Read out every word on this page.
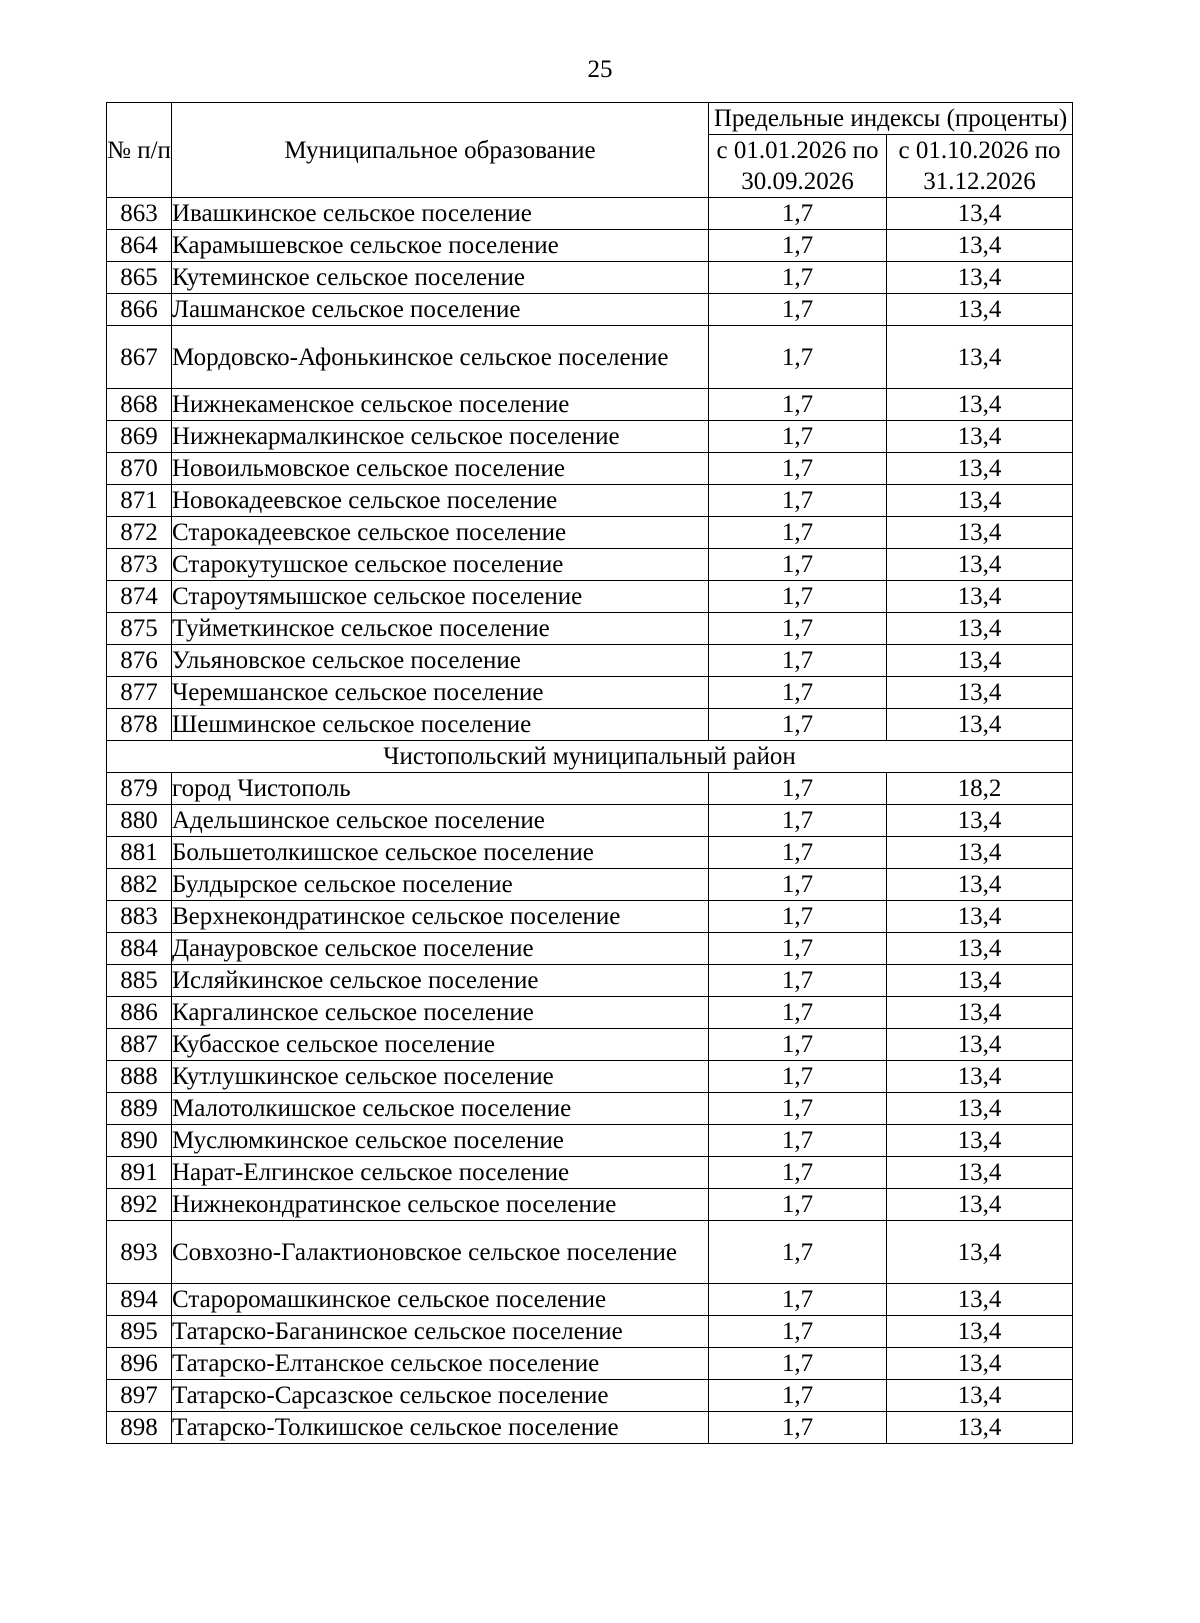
25
№ п/п	Муниципальное образование	Предельные индексы (проценты)	
		с 01.01.2026 по 30.09.2026	с 01.10.2026 по 31.12.2026
863	Ивашкинское сельское поселение	1,7	13,4
864	Карамышевское сельское поселение	1,7	13,4
865	Кутеминское сельское поселение	1,7	13,4
866	Лашманское сельское поселение	1,7	13,4
867	Мордовско-Афонькинское сельское поселение	1,7	13,4
868	Нижнекаменское сельское поселение	1,7	13,4
869	Нижнекармалкинское сельское поселение	1,7	13,4
870	Новоильмовское сельское поселение	1,7	13,4
871	Новокадеевское сельское поселение	1,7	13,4
872	Старокадеевское сельское поселение	1,7	13,4
873	Старокутушское сельское поселение	1,7	13,4
874	Староутямышское сельское поселение	1,7	13,4
875	Туйметкинское сельское поселение	1,7	13,4
876	Ульяновское сельское поселение	1,7	13,4
877	Черемшанское сельское поселение	1,7	13,4
878	Шешминское сельское поселение	1,7	13,4
Чистопольский муниципальный район			
879	город Чистополь	1,7	18,2
880	Адельшинское сельское поселение	1,7	13,4
881	Большетолкишское сельское поселение	1,7	13,4
882	Булдырское сельское поселение	1,7	13,4
883	Верхнекондратинское сельское поселение	1,7	13,4
884	Данауровское сельское поселение	1,7	13,4
885	Исляйкинское сельское поселение	1,7	13,4
886	Каргалинское сельское поселение	1,7	13,4
887	Кубасское сельское поселение	1,7	13,4
888	Кутлушкинское сельское поселение	1,7	13,4
889	Малотолкишское сельское поселение	1,7	13,4
890	Муслюмкинское сельское поселение	1,7	13,4
891	Нарат-Елгинское сельское поселение	1,7	13,4
892	Нижнекондратинское сельское поселение	1,7	13,4
893	Совхозно-Галактионовское сельское поселение	1,7	13,4
894	Староромашкинское сельское поселение	1,7	13,4
895	Татарско-Баганинское сельское поселение	1,7	13,4
896	Татарско-Елтанское сельское поселение	1,7	13,4
897	Татарско-Сарсазское сельское поселение	1,7	13,4
898	Татарско-Толкишское сельское поселение	1,7	13,4
